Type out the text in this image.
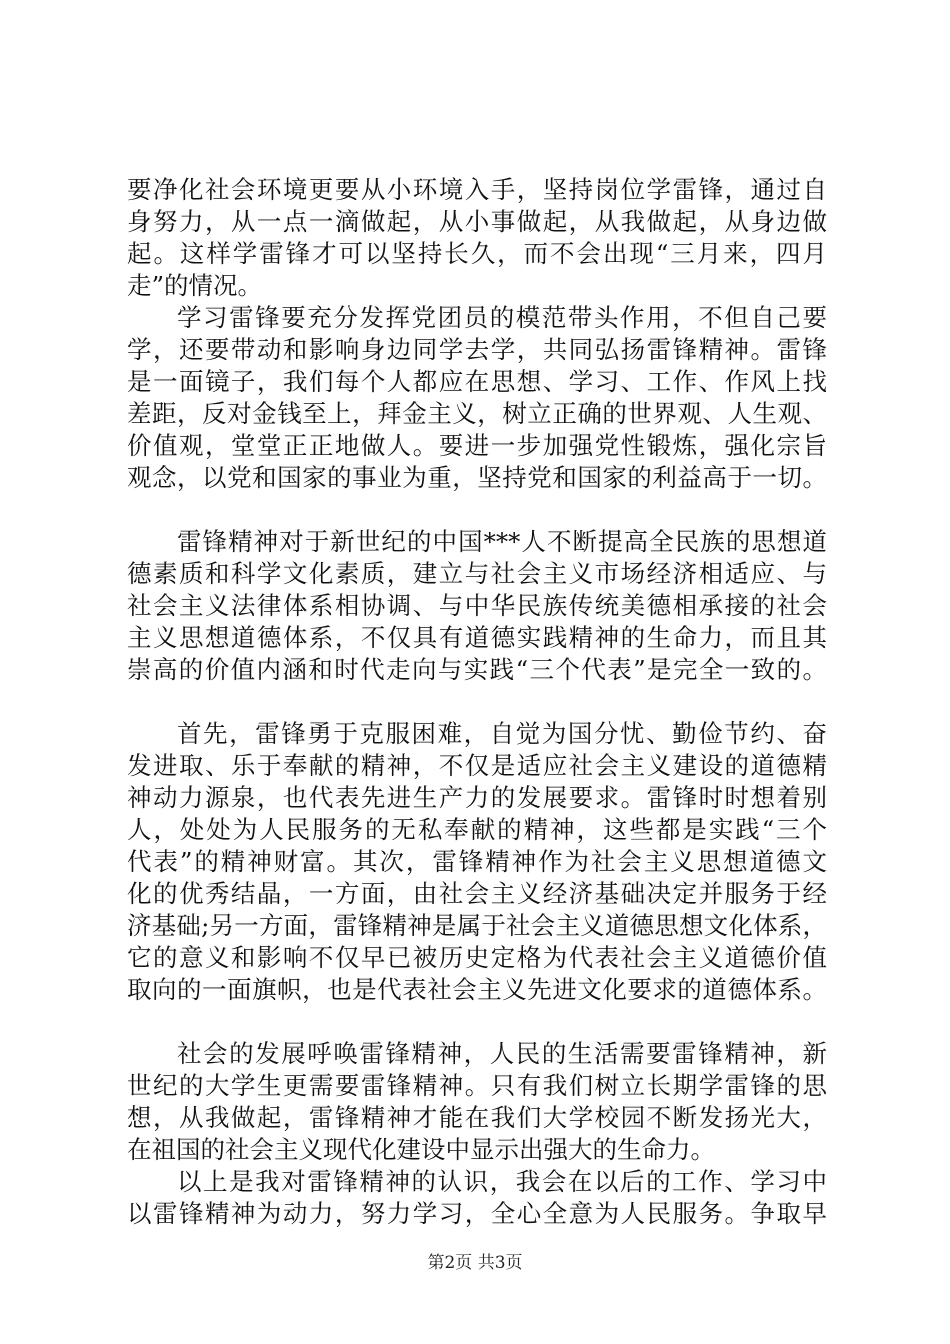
要净化社会环境更要从小环境入手，坚持岗位学雷锋，通过自
身努力，从一点一滴做起，从小事做起，从我做起，从身边做
起。这样学雷锋才可以坚持长久，而不会出现“三月来，四月
走”的情况。
学习雷锋要充分发挥党团员的模范带头作用，不但自己要
学，还要带动和影响身边同学去学，共同弘扬雷锋精神。雷锋
是一面镜子，我们每个人都应在思想、学习、工作、作风上找
差距，反对金钱至上，拜金主义，树立正确的世界观、人生观、
价值观，堂堂正正地做人。要进一步加强党性锻炼，强化宗旨
观念，以党和国家的事业为重，坚持党和国家的利益高于一切。
雷锋精神对于新世纪的中国***人不断提高全民族的思想道
德素质和科学文化素质，建立与社会主义市场经济相适应、与
社会主义法律体系相协调、与中华民族传统美德相承接的社会
主义思想道德体系，不仅具有道德实践精神的生命力，而且其
崇高的价值内涵和时代走向与实践“三个代表”是完全一致的。
首先，雷锋勇于克服困难，自觉为国分忧、勤俭节约、奋
发进取、乐于奉献的精神，不仅是适应社会主义建设的道德精
神动力源泉，也代表先进生产力的发展要求。雷锋时时想着别
人，处处为人民服务的无私奉献的精神，这些都是实践“三个
代表”的精神财富。其次，雷锋精神作为社会主义思想道德文
化的优秀结晶，一方面，由社会主义经济基础决定并服务于经
济基础;另一方面，雷锋精神是属于社会主义道德思想文化体系，
它的意义和影响不仅早已被历史定格为代表社会主义道德价值
取向的一面旗帜，也是代表社会主义先进文化要求的道德体系。
社会的发展呼唤雷锋精神，人民的生活需要雷锋精神，新
世纪的大学生更需要雷锋精神。只有我们树立长期学雷锋的思
想，从我做起，雷锋精神才能在我们大学校园不断发扬光大，
在祖国的社会主义现代化建设中显示出强大的生命力。
以上是我对雷锋精神的认识，我会在以后的工作、学习中
以雷锋精神为动力，努力学习，全心全意为人民服务。争取早
第2页 共3页
